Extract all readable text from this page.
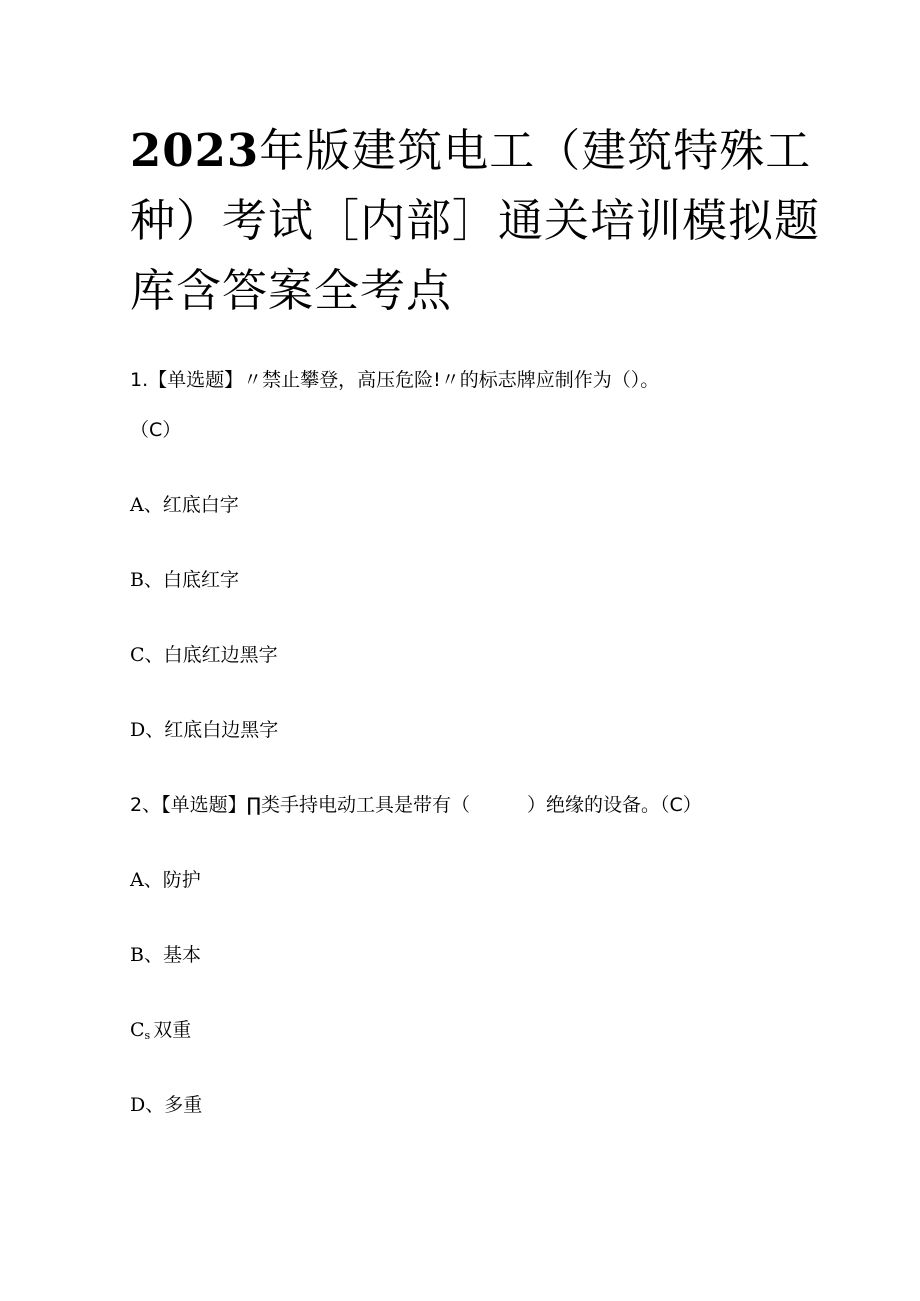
2023年版建筑电工（建筑特殊工
种）考试［内部］通关培训模拟题
库含答案全考点
1.【单选题】〃禁止攀登，高压危险!〃的标志牌应制作为（）。
（C）
A、红底白字
B、白底红字
C、白底红边黑字
D、红底白边黑字
2、【单选题】∏类手持电动工具是带有（　　　）绝缘的设备。（C）
A、防护
B、基本
Cs 双重
D、多重
